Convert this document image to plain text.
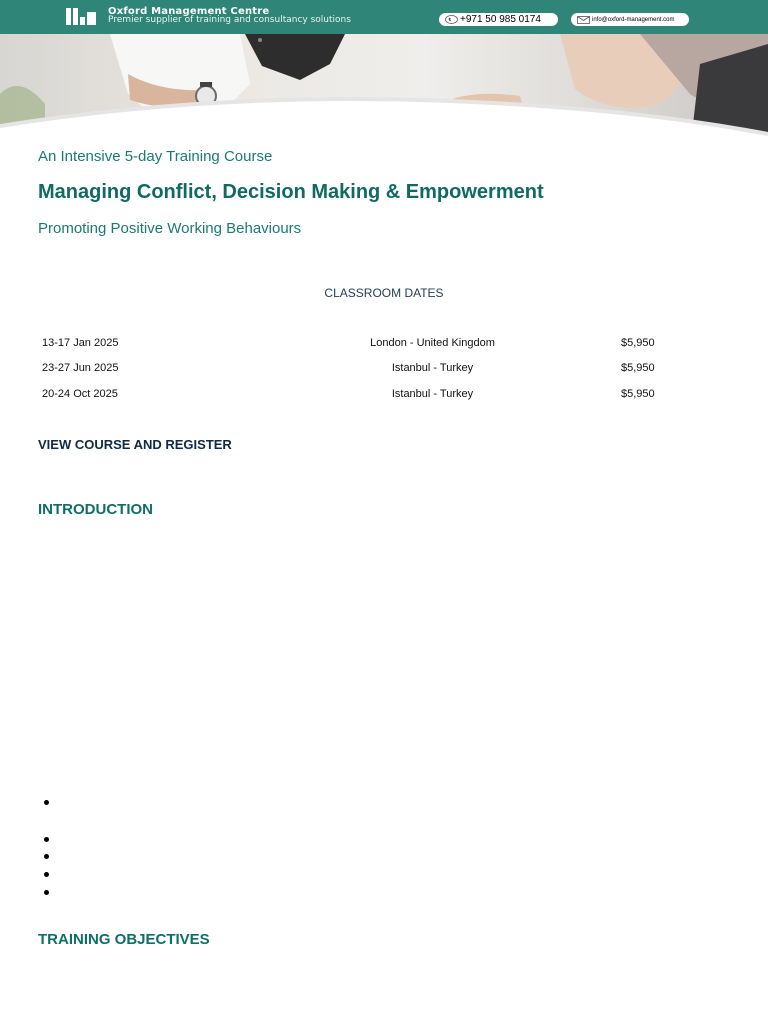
Oxford Management Centre
Premier supplier of training and consultancy solutions	+971 50 985 0174	info@oxford-management.com
An Intensive 5-day Training Course
Managing Conflict, Decision Making & Empowerment
Promoting Positive Working Behaviours
CLASSROOM DATES
13-17 Jan 2025	London - United Kingdom	$5,950
23-27 Jun 2025	Istanbul - Turkey	$5,950
20-24 Oct 2025	Istanbul - Turkey	$5,950
VIEW COURSE AND REGISTER
INTRODUCTION
TRAINING OBJECTIVES
